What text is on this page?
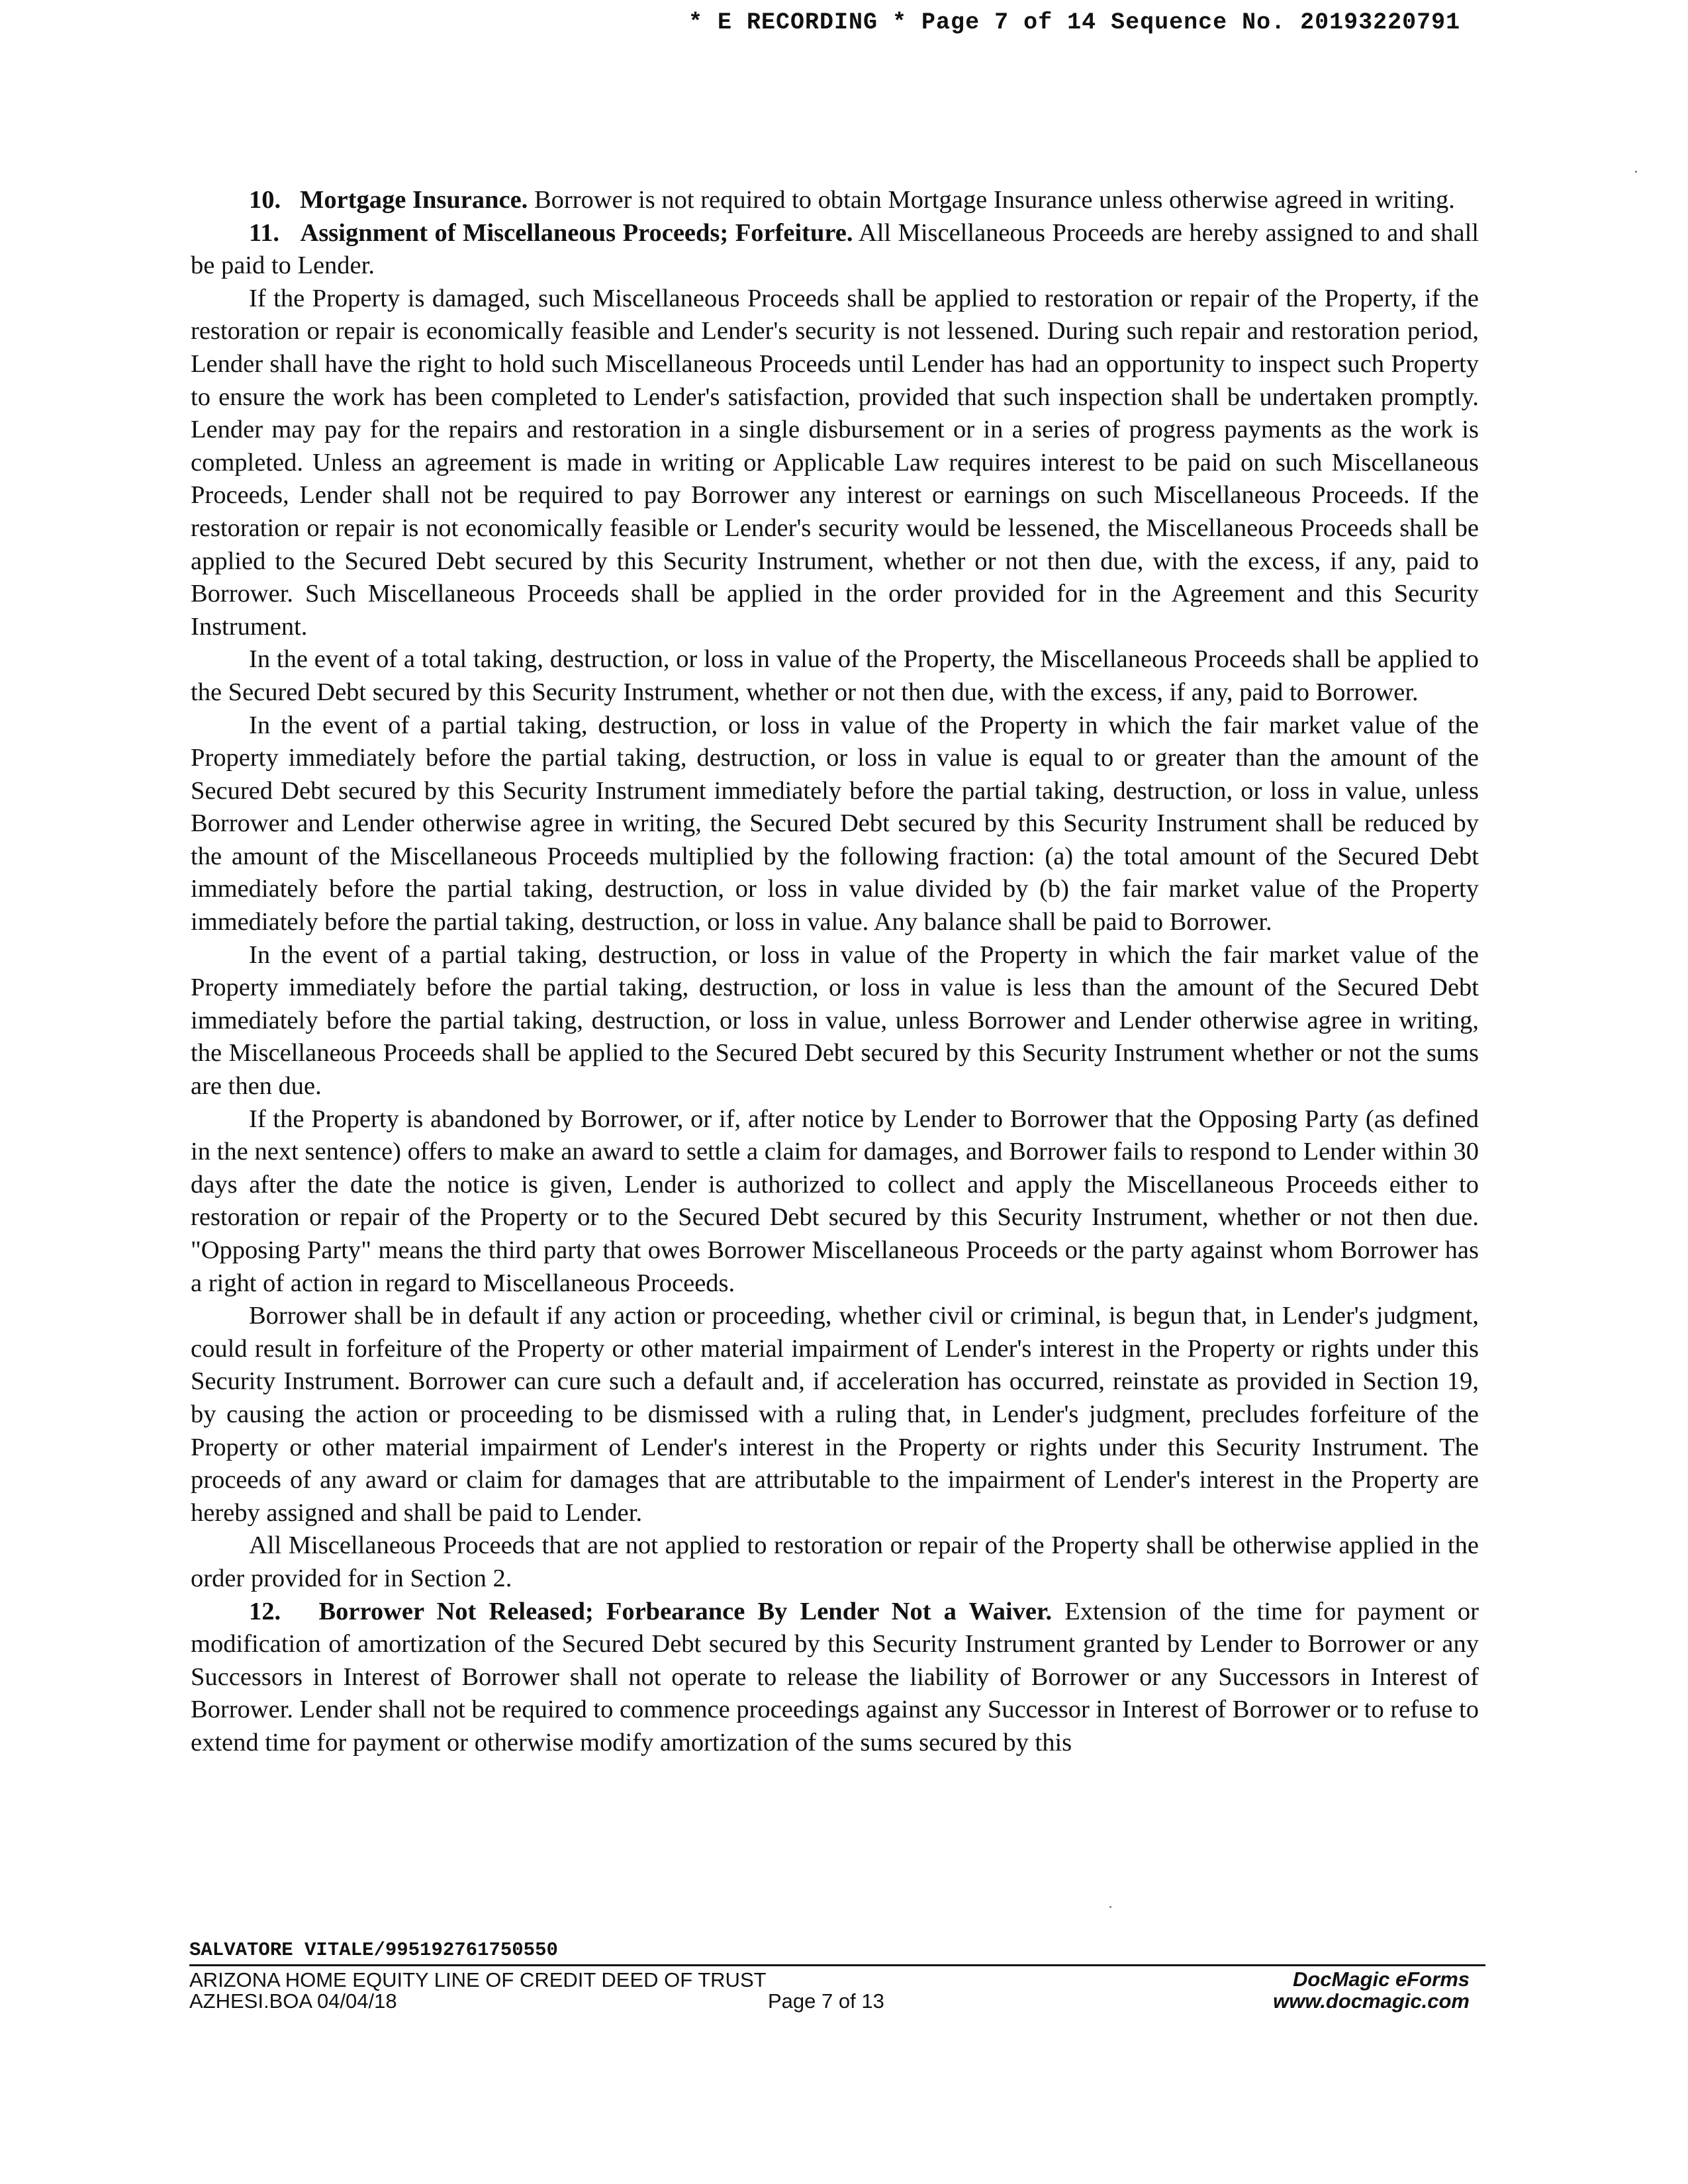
* E RECORDING * Page 7 of 14 Sequence No. 20193220791

10. Mortgage Insurance. Borrower is not required to obtain Mortgage Insurance unless otherwise agreed in writing.

11. Assignment of Miscellaneous Proceeds; Forfeiture. All Miscellaneous Proceeds are hereby assigned to and shall be paid to Lender.

If the Property is damaged, such Miscellaneous Proceeds shall be applied to restoration or repair of the Property, if the restoration or repair is economically feasible and Lender's security is not lessened. During such repair and restoration period, Lender shall have the right to hold such Miscellaneous Proceeds until Lender has had an opportunity to inspect such Property to ensure the work has been completed to Lender's satisfaction, provided that such inspection shall be undertaken promptly. Lender may pay for the repairs and restoration in a single disbursement or in a series of progress payments as the work is completed. Unless an agreement is made in writing or Applicable Law requires interest to be paid on such Miscellaneous Proceeds, Lender shall not be required to pay Borrower any interest or earnings on such Miscellaneous Proceeds. If the restoration or repair is not economically feasible or Lender's security would be lessened, the Miscellaneous Proceeds shall be applied to the Secured Debt secured by this Security Instrument, whether or not then due, with the excess, if any, paid to Borrower. Such Miscellaneous Proceeds shall be applied in the order provided for in the Agreement and this Security Instrument.

In the event of a total taking, destruction, or loss in value of the Property, the Miscellaneous Proceeds shall be applied to the Secured Debt secured by this Security Instrument, whether or not then due, with the excess, if any, paid to Borrower.

In the event of a partial taking, destruction, or loss in value of the Property in which the fair market value of the Property immediately before the partial taking, destruction, or loss in value is equal to or greater than the amount of the Secured Debt secured by this Security Instrument immediately before the partial taking, destruction, or loss in value, unless Borrower and Lender otherwise agree in writing, the Secured Debt secured by this Security Instrument shall be reduced by the amount of the Miscellaneous Proceeds multiplied by the following fraction: (a) the total amount of the Secured Debt immediately before the partial taking, destruction, or loss in value divided by (b) the fair market value of the Property immediately before the partial taking, destruction, or loss in value. Any balance shall be paid to Borrower.

In the event of a partial taking, destruction, or loss in value of the Property in which the fair market value of the Property immediately before the partial taking, destruction, or loss in value is less than the amount of the Secured Debt immediately before the partial taking, destruction, or loss in value, unless Borrower and Lender otherwise agree in writing, the Miscellaneous Proceeds shall be applied to the Secured Debt secured by this Security Instrument whether or not the sums are then due.

If the Property is abandoned by Borrower, or if, after notice by Lender to Borrower that the Opposing Party (as defined in the next sentence) offers to make an award to settle a claim for damages, and Borrower fails to respond to Lender within 30 days after the date the notice is given, Lender is authorized to collect and apply the Miscellaneous Proceeds either to restoration or repair of the Property or to the Secured Debt secured by this Security Instrument, whether or not then due. "Opposing Party" means the third party that owes Borrower Miscellaneous Proceeds or the party against whom Borrower has a right of action in regard to Miscellaneous Proceeds.

Borrower shall be in default if any action or proceeding, whether civil or criminal, is begun that, in Lender's judgment, could result in forfeiture of the Property or other material impairment of Lender's interest in the Property or rights under this Security Instrument. Borrower can cure such a default and, if acceleration has occurred, reinstate as provided in Section 19, by causing the action or proceeding to be dismissed with a ruling that, in Lender's judgment, precludes forfeiture of the Property or other material impairment of Lender's interest in the Property or rights under this Security Instrument. The proceeds of any award or claim for damages that are attributable to the impairment of Lender's interest in the Property are hereby assigned and shall be paid to Lender.

All Miscellaneous Proceeds that are not applied to restoration or repair of the Property shall be otherwise applied in the order provided for in Section 2.

12. Borrower Not Released; Forbearance By Lender Not a Waiver. Extension of the time for payment or modification of amortization of the Secured Debt secured by this Security Instrument granted by Lender to Borrower or any Successors in Interest of Borrower shall not operate to release the liability of Borrower or any Successors in Interest of Borrower. Lender shall not be required to commence proceedings against any Successor in Interest of Borrower or to refuse to extend time for payment or otherwise modify amortization of the sums secured by this

SALVATORE VITALE/995192761750550
ARIZONA HOME EQUITY LINE OF CREDIT DEED OF TRUST
AZHESI.BOA 04/04/18	Page 7 of 13
DocMagic eForms
www.docmagic.com
